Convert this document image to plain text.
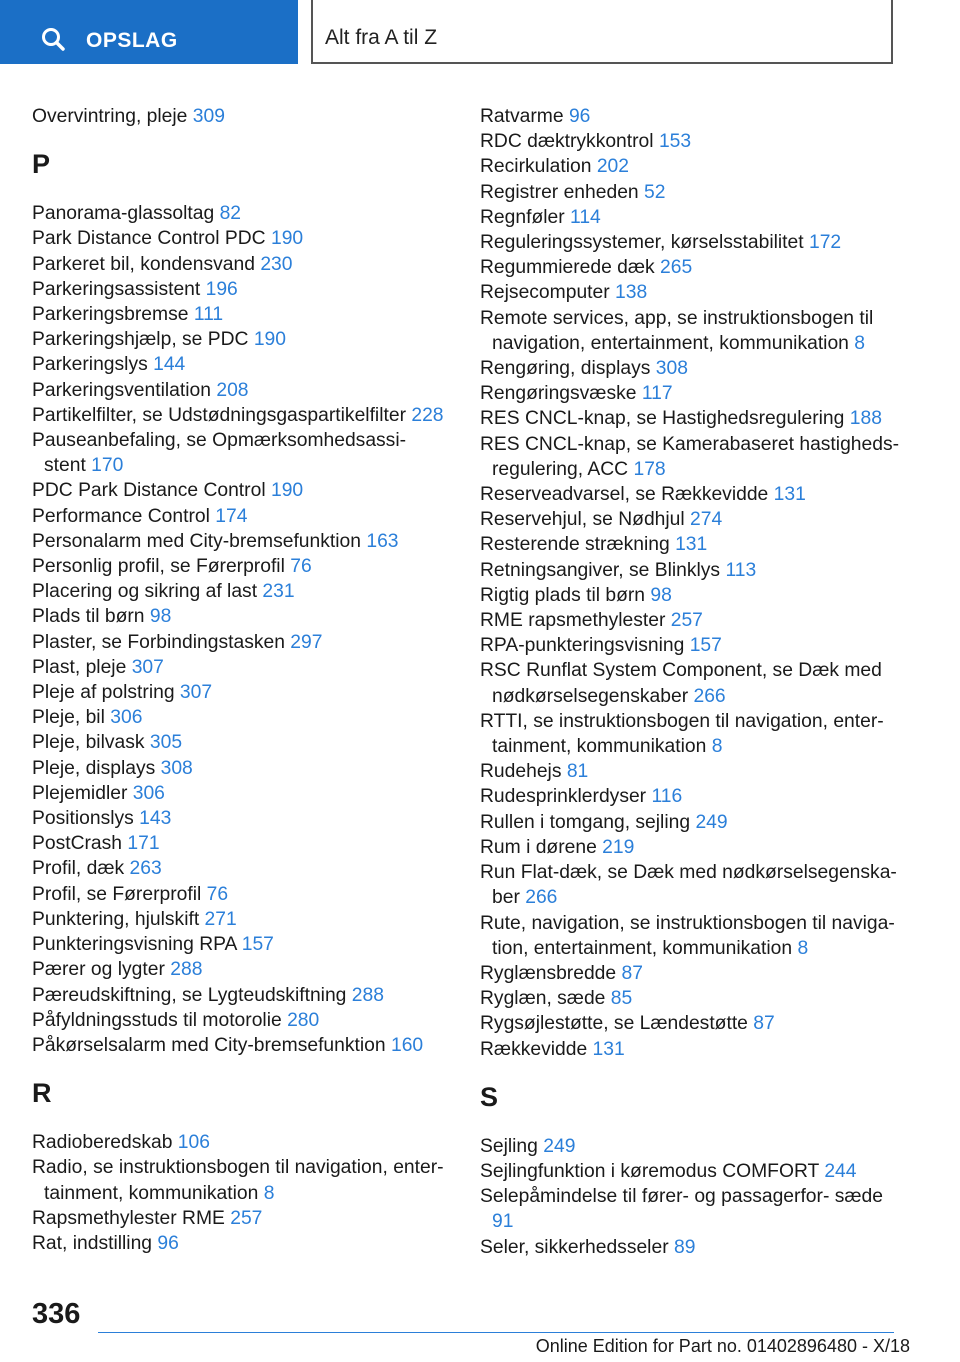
OPSLAG	Alt fra A til Z
Overvintring, pleje 309
P
Panorama-glassoltag 82
Park Distance Control PDC 190
Parkeret bil, kondensvand 230
Parkeringsassistent 196
Parkeringsbremse 111
Parkeringshjælp, se PDC 190
Parkeringslys 144
Parkeringsventilation 208
Partikelfilter, se Udstødningsgaspartikelfilter 228
Pauseanbefaling, se Opmærksomhedsassi‐ stent 170
PDC Park Distance Control 190
Performance Control 174
Personalarm med City-bremsefunktion 163
Personlig profil, se Førerprofil 76
Placering og sikring af last 231
Plads til børn 98
Plaster, se Forbindingstasken 297
Plast, pleje 307
Pleje af polstring 307
Pleje, bil 306
Pleje, bilvask 305
Pleje, displays 308
Plejemidler 306
Positionslys 143
PostCrash 171
Profil, dæk 263
Profil, se Førerprofil 76
Punktering, hjulskift 271
Punkteringsvisning RPA 157
Pærer og lygter 288
Pæreudskiftning, se Lygteudskiftning 288
Påfyldningsstuds til motorolie 280
Påkørselsalarm med City-bremsefunktion 160
R
Radioberedskab 106
Radio, se instruktionsbogen til navigation, enter‐ tainment, kommunikation 8
Rapsmethylester RME 257
Rat, indstilling 96
Ratvarme 96
RDC dæktrykkontrol 153
Recirkulation 202
Registrer enheden 52
Regnføler 114
Reguleringssystemer, kørselsstabilitet 172
Regummierede dæk 265
Rejsecomputer 138
Remote services, app, se instruktionsbogen til navigation, entertainment, kommunikation 8
Rengøring, displays 308
Rengøringsvæske 117
RES CNCL-knap, se Hastighedsregulering 188
RES CNCL-knap, se Kamerabaseret hastigheds‐ regulering, ACC 178
Reserveadvarsel, se Rækkevidde 131
Reservehjul, se Nødhjul 274
Resterende strækning 131
Retningsangiver, se Blinklys 113
Rigtig plads til børn 98
RME rapsmethylester 257
RPA-punkteringsvisning 157
RSC Runflat System Component, se Dæk med nødkørselsegenskaber 266
RTTI, se instruktionsbogen til navigation, enter‐ tainment, kommunikation 8
Rudehejs 81
Rudesprinklerdyser 116
Rullen i tomgang, sejling 249
Rum i dørene 219
Run Flat-dæk, se Dæk med nødkørselsegenska‐ ber 266
Rute, navigation, se instruktionsbogen til naviga‐ tion, entertainment, kommunikation 8
Ryglænsbredde 87
Ryglæn, sæde 85
Rygsøjlestøtte, se Lændestøtte 87
Rækkevidde 131
S
Sejling 249
Sejlingfunktion i køremodus COMFORT 244
Selepåmindelse til fører- og passagerfor‐ sæde 91
Seler, sikkerhedsseler 89
336
Online Edition for Part no. 01402896480 - X/18
